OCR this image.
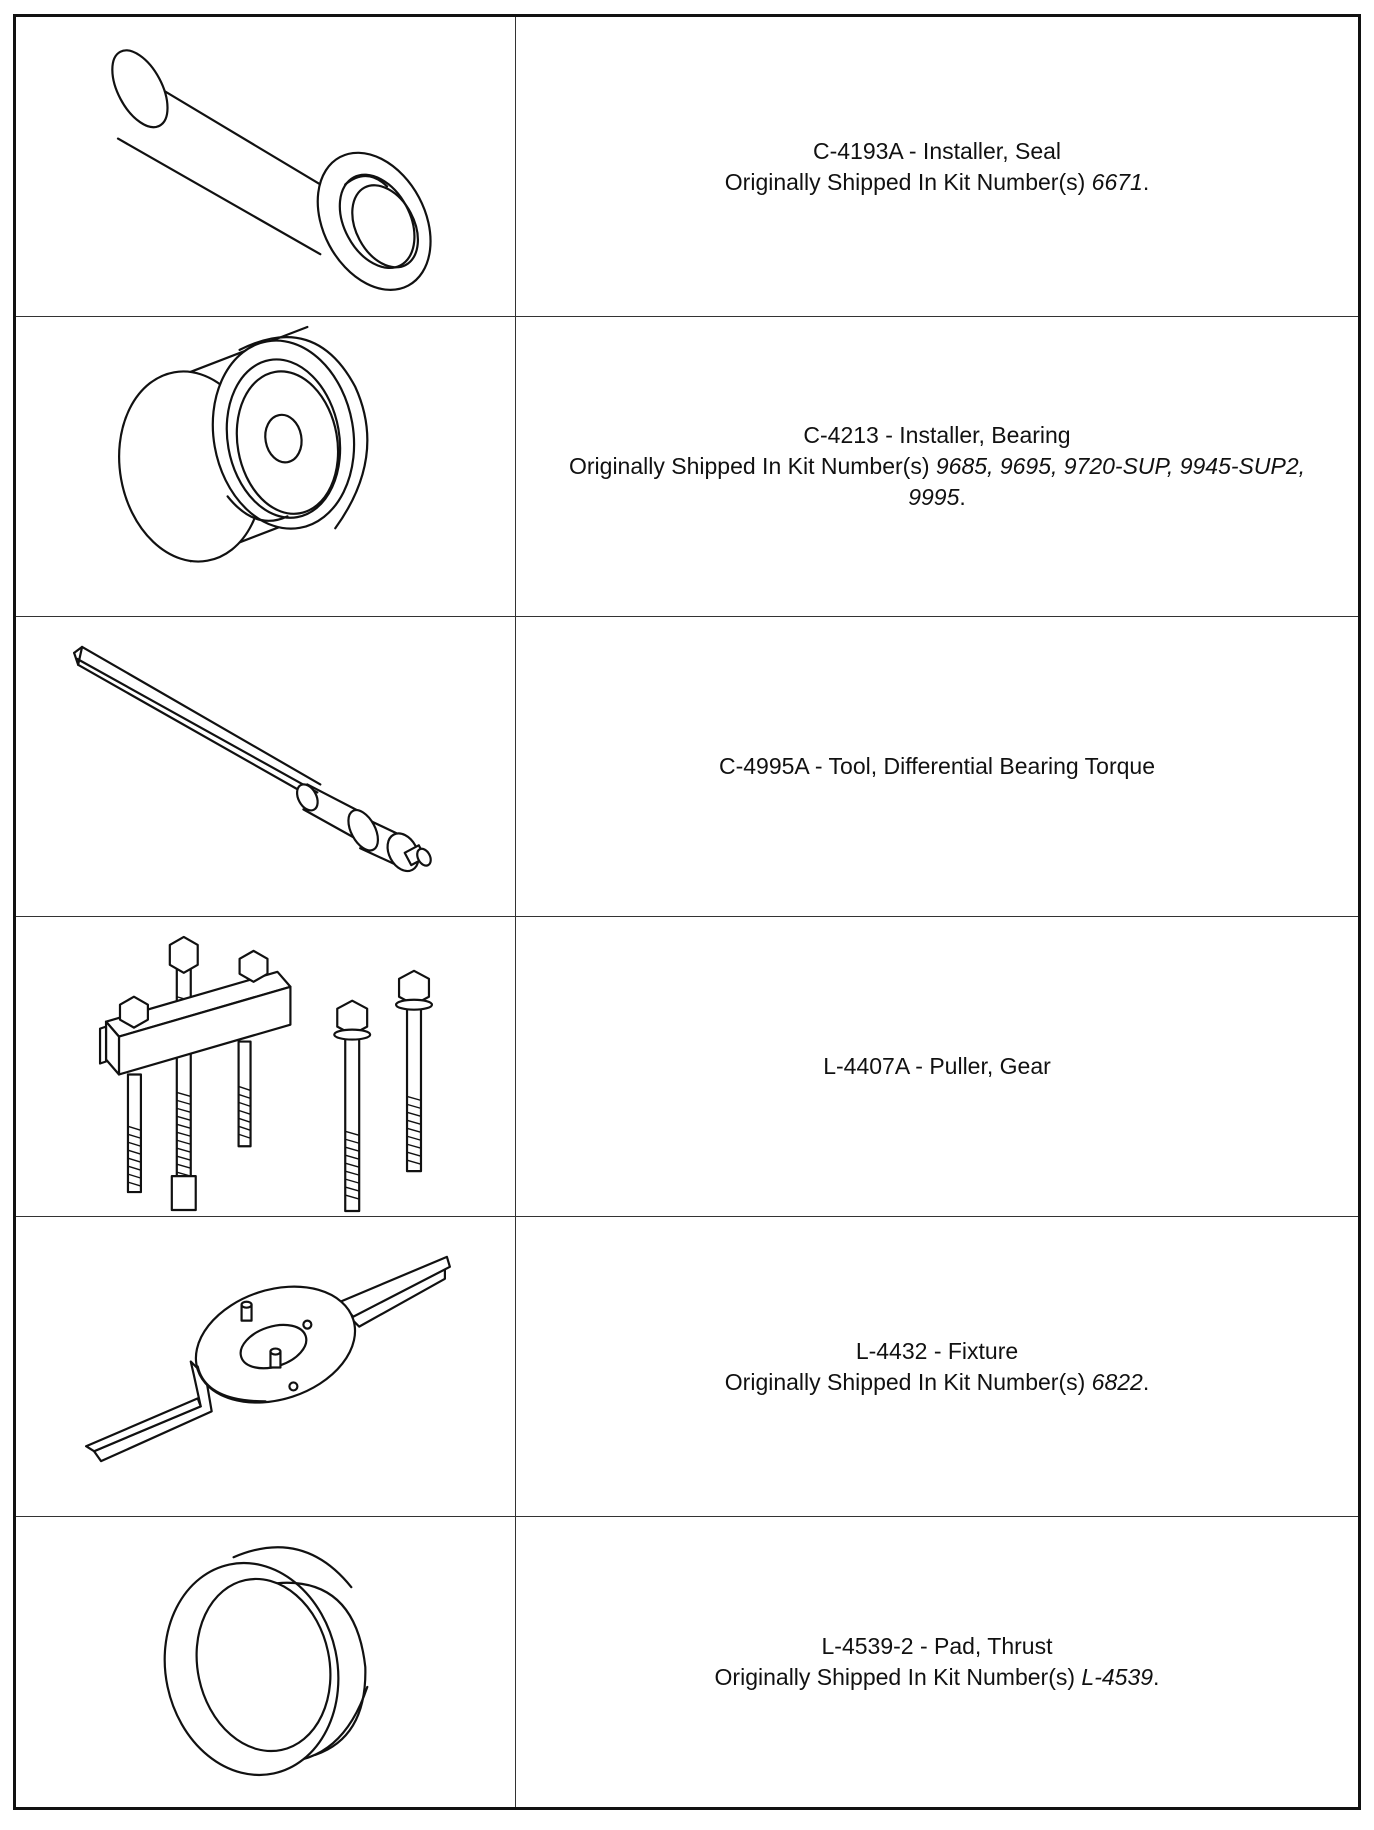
C-4193A - Installer, Seal
Originally Shipped In Kit Number(s) 6671.
C-4213 - Installer, Bearing
Originally Shipped In Kit Number(s) 9685, 9695, 9720-SUP, 9945-SUP2,
9995.
C-4995A - Tool, Differential Bearing Torque
L-4407A - Puller, Gear
L-4432 - Fixture
Originally Shipped In Kit Number(s) 6822.
L-4539-2 - Pad, Thrust
Originally Shipped In Kit Number(s) L-4539.
